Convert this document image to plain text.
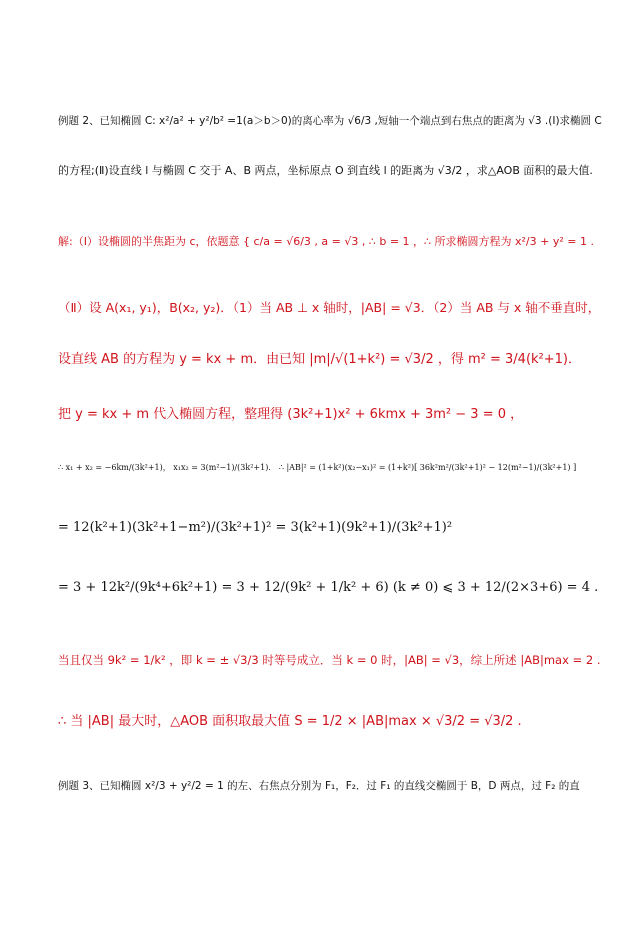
例题 2、已知椭圆 C: x²/a² + y²/b² =1(a＞b＞0)的离心率为 √6/3 ,短轴一个端点到右焦点的距离为 √3 .(Ⅰ)求椭圆 C
的方程;(Ⅱ)设直线 l 与椭圆 C 交于 A、B 两点，坐标原点 O 到直线 l 的距离为 √3/2 ，求△AOB 面积的最大值.
解:（Ⅰ）设椭圆的半焦距为 c，依题意 { c/a = √6/3 , a = √3 , ∴ b = 1 ，∴ 所求椭圆方程为 x²/3 + y² = 1 .
（Ⅱ）设 A(x₁, y₁)，B(x₂, y₂)．（1）当 AB ⊥ x 轴时，|AB| = √3．（2）当 AB 与 x 轴不垂直时，
设直线 AB 的方程为 y = kx + m．由已知 |m|/√(1+k²) = √3/2 ，得 m² = 3/4(k²+1)．
把 y = kx + m 代入椭圆方程，整理得 (3k²+1)x² + 6kmx + 3m² − 3 = 0 ，
∴ x₁ + x₂ = −6km/(3k²+1)， x₁x₂ = 3(m²−1)/(3k²+1)． ∴ |AB|² = (1+k²)(x₂−x₁)² = (1+k²)[ 36k²m²/(3k²+1)² − 12(m²−1)/(3k²+1) ]
= 12(k²+1)(3k²+1−m²)/(3k²+1)² = 3(k²+1)(9k²+1)/(3k²+1)²
= 3 + 12k²/(9k⁴+6k²+1) = 3 + 12/(9k² + 1/k² + 6) (k ≠ 0) ⩽ 3 + 12/(2×3+6) = 4 .
当且仅当 9k² = 1/k² ，即 k = ± √3/3 时等号成立．当 k = 0 时，|AB| = √3，综上所述 |AB|max = 2 .
∴ 当 |AB| 最大时，△AOB 面积取最大值 S = 1/2 × |AB|max × √3/2 = √3/2 .
例题 3、已知椭圆 x²/3 + y²/2 = 1 的左、右焦点分别为 F₁，F₂．过 F₁ 的直线交椭圆于 B，D 两点，过 F₂ 的直
